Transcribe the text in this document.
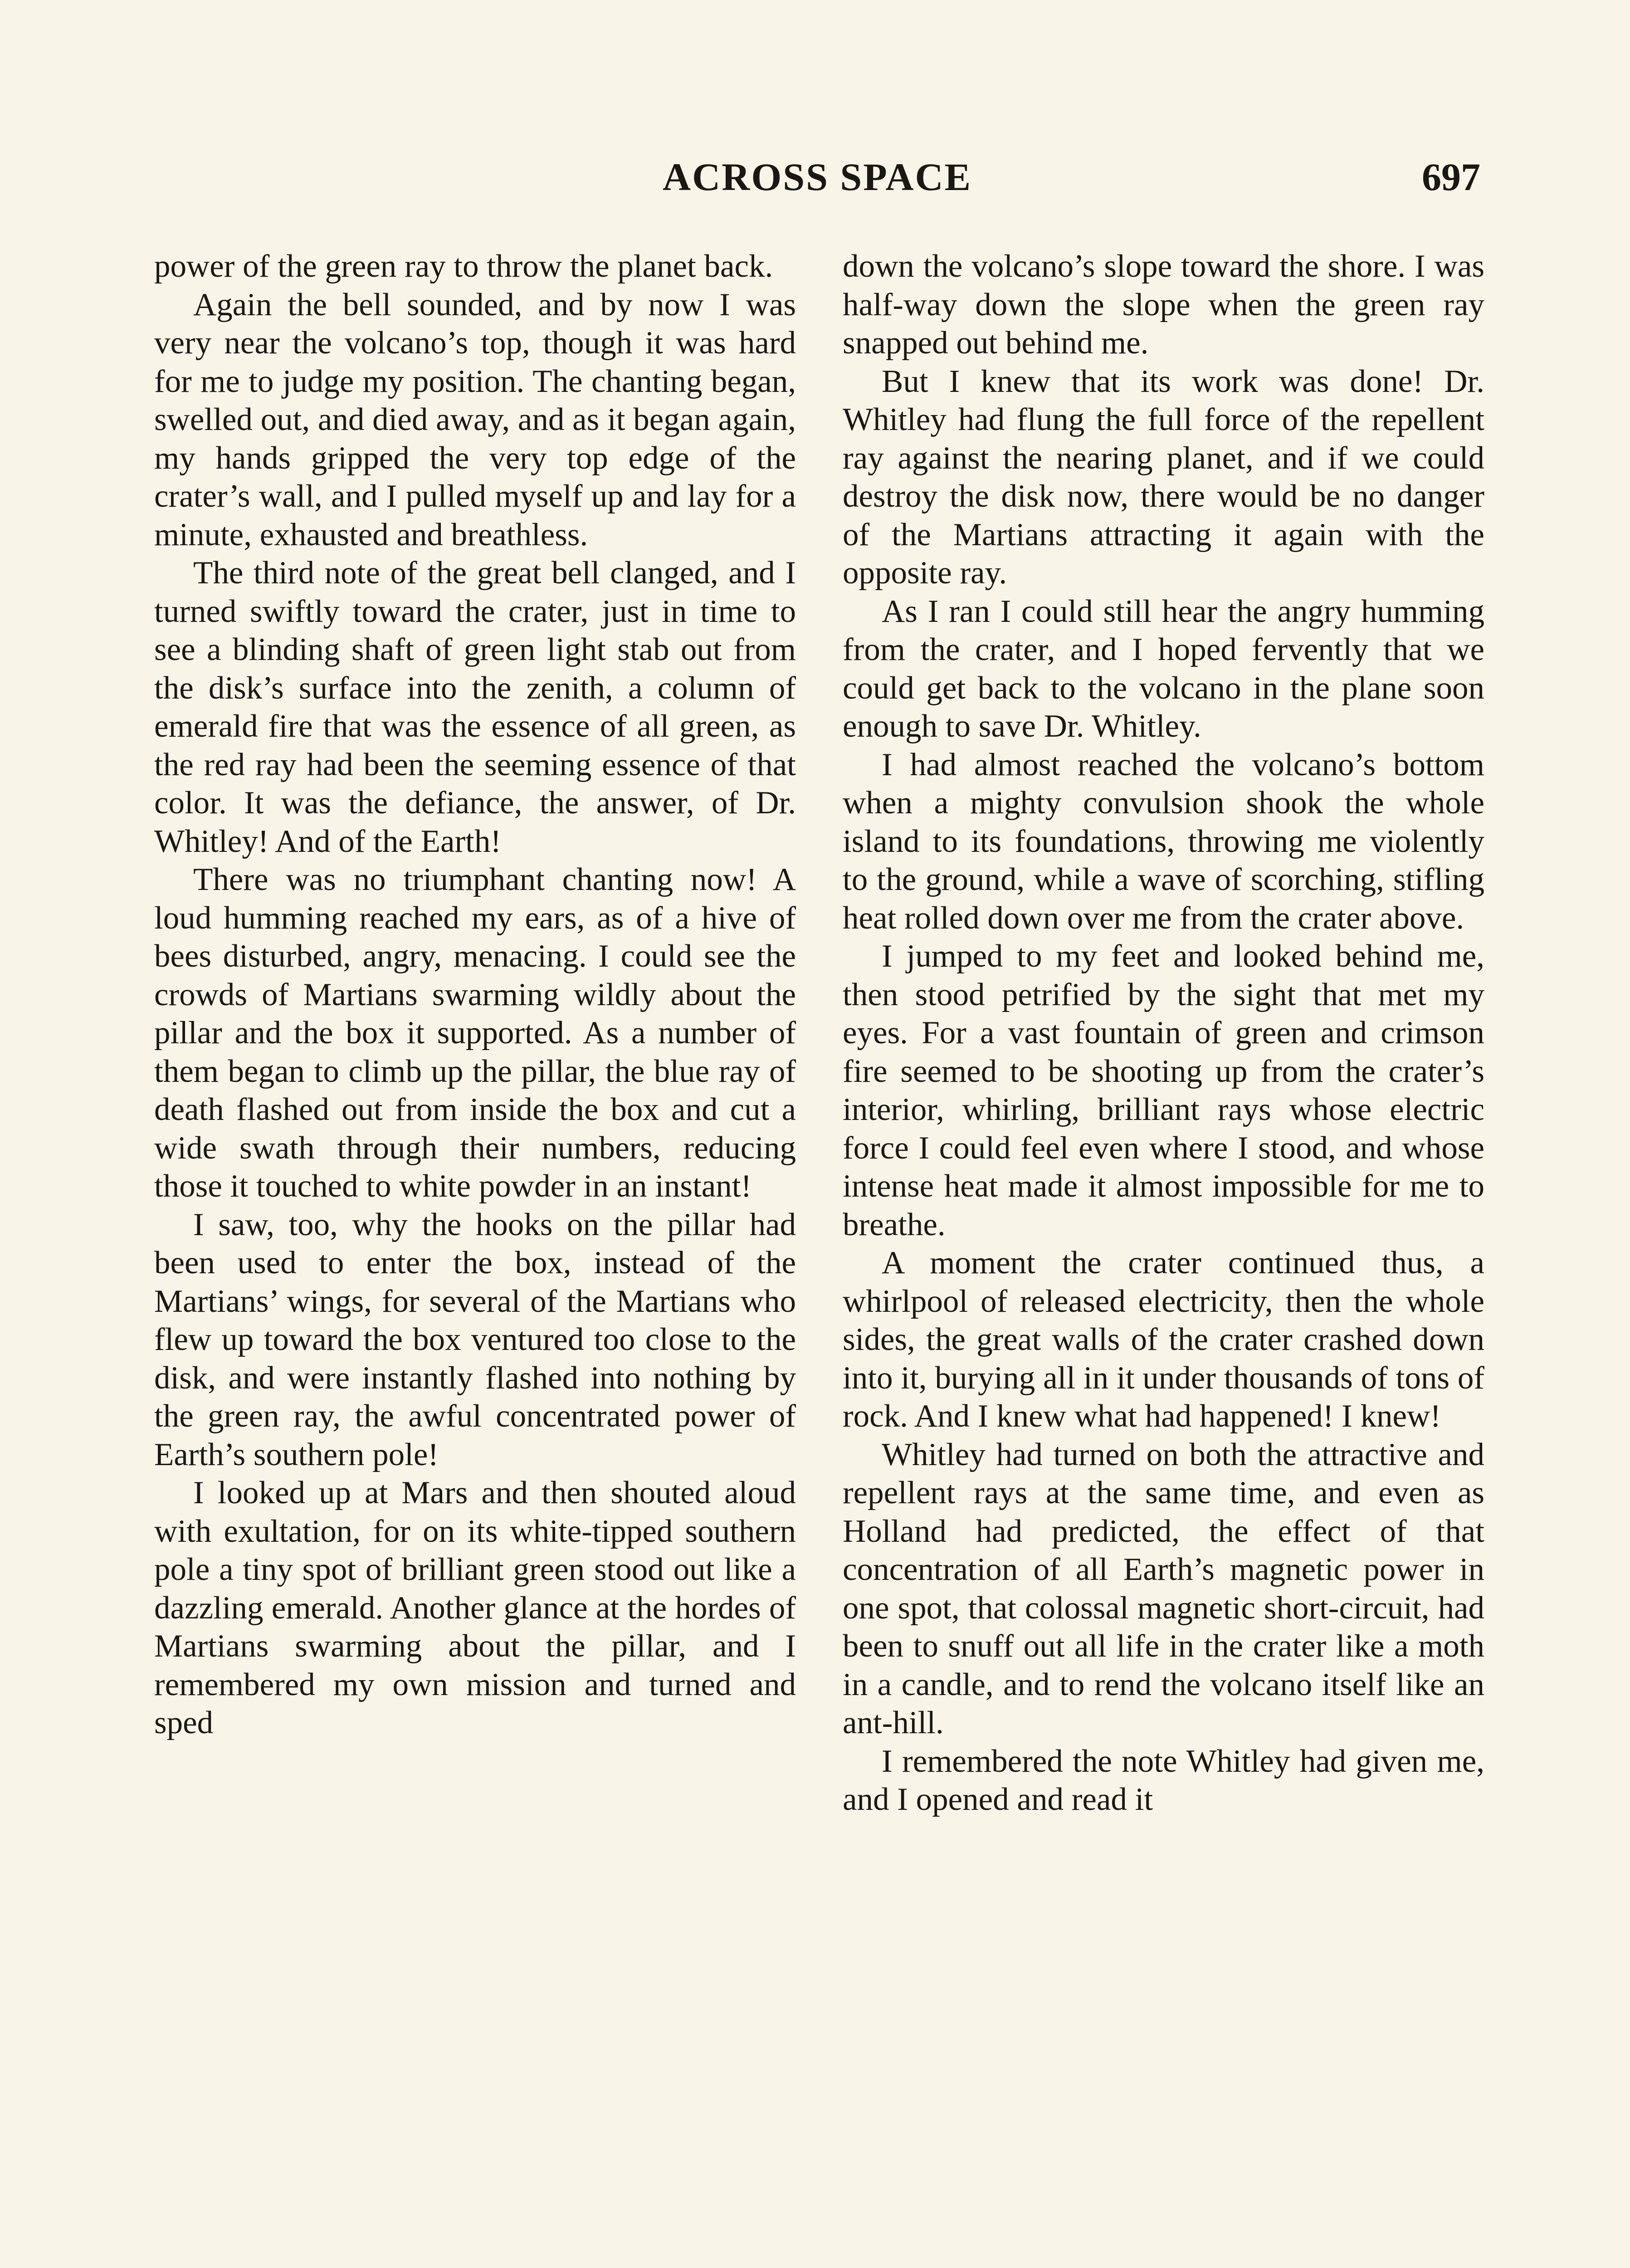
ACROSS SPACE	697

power of the green ray to throw the planet back.

Again the bell sounded, and by now I was very near the volcano’s top, though it was hard for me to judge my position. The chanting began, swelled out, and died away, and as it began again, my hands gripped the very top edge of the crater’s wall, and I pulled myself up and lay for a minute, exhausted and breathless.

The third note of the great bell clanged, and I turned swiftly toward the crater, just in time to see a blinding shaft of green light stab out from the disk’s surface into the zenith, a column of emerald fire that was the essence of all green, as the red ray had been the seeming essence of that color. It was the defiance, the answer, of Dr. Whitley! And of the Earth!

There was no triumphant chanting now! A loud humming reached my ears, as of a hive of bees disturbed, angry, menacing. I could see the crowds of Martians swarming wildly about the pillar and the box it supported. As a number of them began to climb up the pillar, the blue ray of death flashed out from inside the box and cut a wide swath through their numbers, reducing those it touched to white powder in an instant!

I saw, too, why the hooks on the pillar had been used to enter the box, instead of the Martians’ wings, for several of the Martians who flew up toward the box ventured too close to the disk, and were instantly flashed into nothing by the green ray, the awful concentrated power of Earth’s southern pole!

I looked up at Mars and then shouted aloud with exultation, for on its white-tipped southern pole a tiny spot of brilliant green stood out like a dazzling emerald. Another glance at the hordes of Martians swarming about the pillar, and I remembered my own mission and turned and sped

down the volcano’s slope toward the shore. I was half-way down the slope when the green ray snapped out behind me.

But I knew that its work was done! Dr. Whitley had flung the full force of the repellent ray against the nearing planet, and if we could destroy the disk now, there would be no danger of the Martians attracting it again with the opposite ray.

As I ran I could still hear the angry humming from the crater, and I hoped fervently that we could get back to the volcano in the plane soon enough to save Dr. Whitley.

I had almost reached the volcano’s bottom when a mighty convulsion shook the whole island to its foundations, throwing me violently to the ground, while a wave of scorching, stifling heat rolled down over me from the crater above.

I jumped to my feet and looked behind me, then stood petrified by the sight that met my eyes. For a vast fountain of green and crimson fire seemed to be shooting up from the crater’s interior, whirling, brilliant rays whose electric force I could feel even where I stood, and whose intense heat made it almost impossible for me to breathe.

A moment the crater continued thus, a whirlpool of released electricity, then the whole sides, the great walls of the crater crashed down into it, burying all in it under thousands of tons of rock. And I knew what had happened! I knew!

Whitley had turned on both the attractive and repellent rays at the same time, and even as Holland had predicted, the effect of that concentration of all Earth’s magnetic power in one spot, that colossal magnetic short-circuit, had been to snuff out all life in the crater like a moth in a candle, and to rend the volcano itself like an ant-hill.

I remembered the note Whitley had given me, and I opened and read it
